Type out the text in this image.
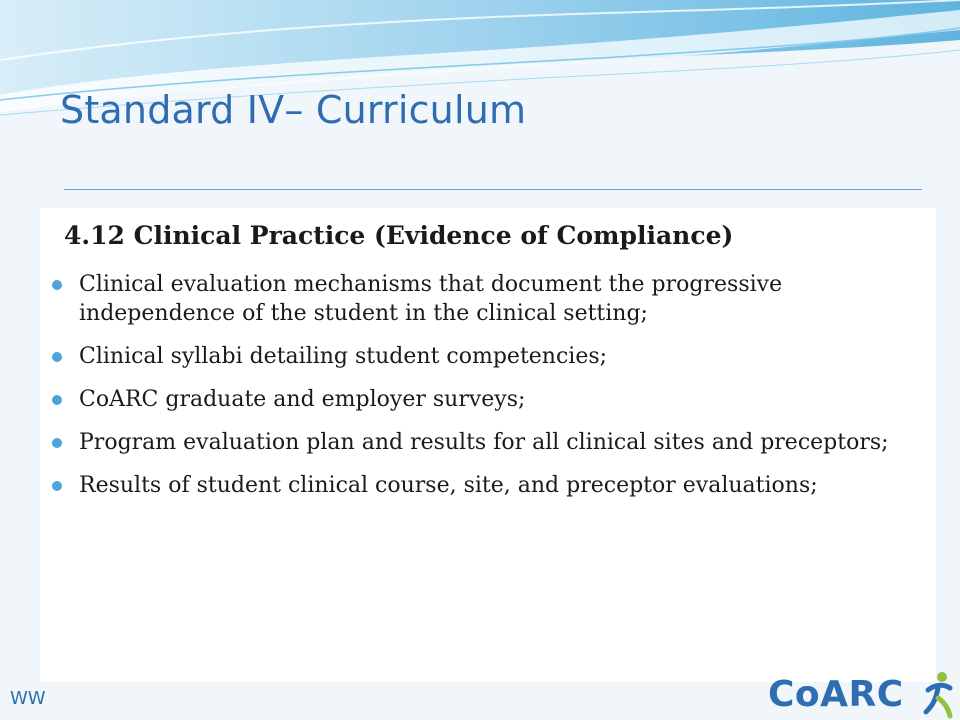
Standard IV– Curriculum
4.12 Clinical Practice (Evidence of Compliance)
Clinical evaluation mechanisms that document the progressive independence of the student in the clinical setting;
Clinical syllabi detailing student competencies;
CoARC graduate and employer surveys;
Program evaluation plan and results for all clinical sites and preceptors;
Results of student clinical course, site, and preceptor evaluations;
WW	CoARC
